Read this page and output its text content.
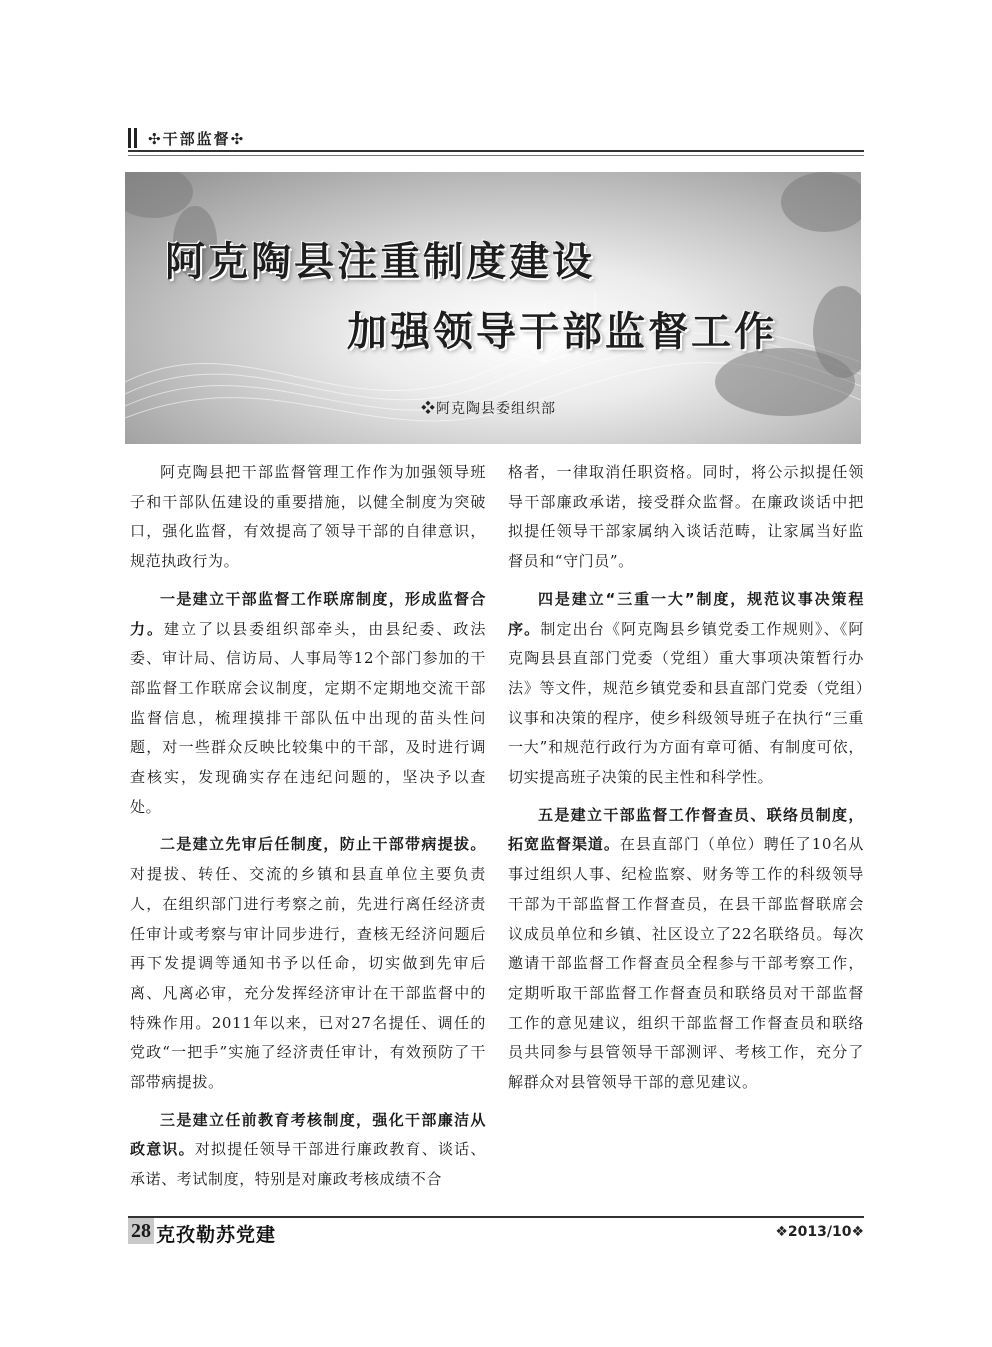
✣干部监督✣
阿克陶县注重制度建设
加强领导干部监督工作
❖阿克陶县委组织部

阿克陶县把干部监督管理工作作为加强领导班子和干部队伍建设的重要措施，以健全制度为突破口，强化监督，有效提高了领导干部的自律意识，规范执政行为。

一是建立干部监督工作联席制度，形成监督合力。建立了以县委组织部牵头，由县纪委、政法委、审计局、信访局、人事局等12个部门参加的干部监督工作联席会议制度，定期不定期地交流干部监督信息，梳理摸排干部队伍中出现的苗头性问题，对一些群众反映比较集中的干部，及时进行调查核实，发现确实存在违纪问题的，坚决予以查处。

二是建立先审后任制度，防止干部带病提拔。对提拔、转任、交流的乡镇和县直单位主要负责人，在组织部门进行考察之前，先进行离任经济责任审计或考察与审计同步进行，查核无经济问题后再下发提调等通知书予以任命，切实做到先审后离、凡离必审，充分发挥经济审计在干部监督中的特殊作用。2011年以来，已对27名提任、调任的党政“一把手”实施了经济责任审计，有效预防了干部带病提拔。

三是建立任前教育考核制度，强化干部廉洁从政意识。对拟提任领导干部进行廉政教育、谈话、承诺、考试制度，特别是对廉政考核成绩不合

格者，一律取消任职资格。同时，将公示拟提任领导干部廉政承诺，接受群众监督。在廉政谈话中把拟提任领导干部家属纳入谈话范畴，让家属当好监督员和“守门员”。

四是建立“三重一大”制度，规范议事决策程序。制定出台《阿克陶县乡镇党委工作规则》、《阿克陶县县直部门党委（党组）重大事项决策暂行办法》等文件，规范乡镇党委和县直部门党委（党组）议事和决策的程序，使乡科级领导班子在执行“三重一大”和规范行政行为方面有章可循、有制度可依，切实提高班子决策的民主性和科学性。

五是建立干部监督工作督查员、联络员制度，拓宽监督渠道。在县直部门（单位）聘任了10名从事过组织人事、纪检监察、财务等工作的科级领导干部为干部监督工作督查员，在县干部监督联席会议成员单位和乡镇、社区设立了22名联络员。每次邀请干部监督工作督查员全程参与干部考察工作，定期听取干部监督工作督查员和联络员对干部监督工作的意见建议，组织干部监督工作督查员和联络员共同参与县管领导干部测评、考核工作，充分了解群众对县管领导干部的意见建议。

28 克孜勒苏党建	❖2013/10❖
